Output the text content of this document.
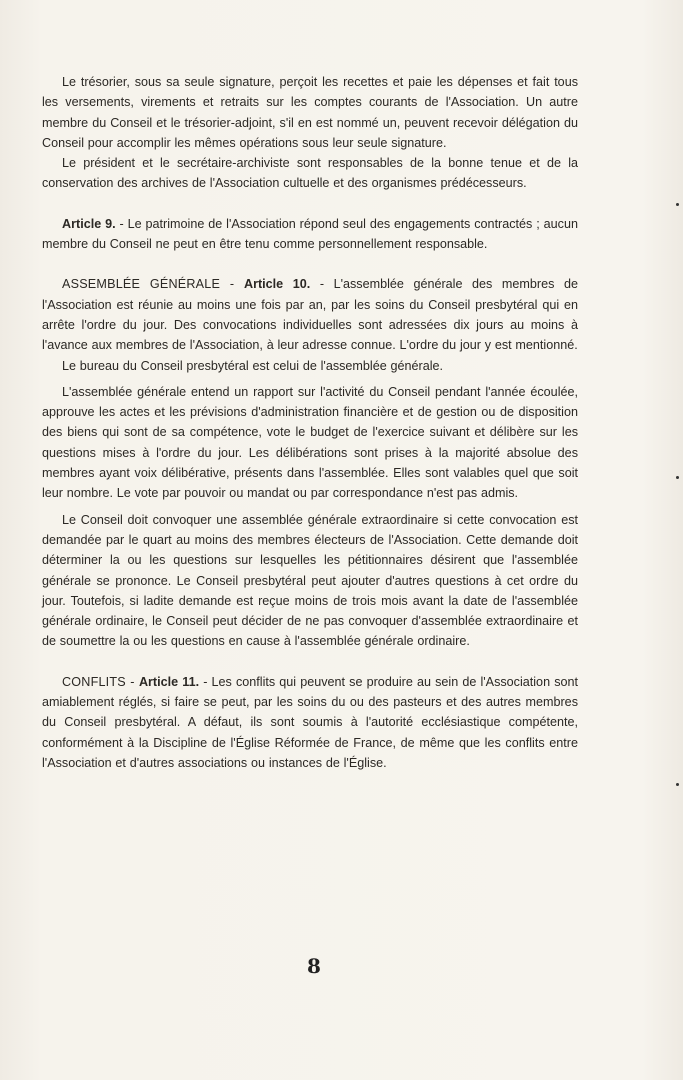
Le trésorier, sous sa seule signature, perçoit les recettes et paie les dépenses et fait tous les versements, virements et retraits sur les comptes courants de l'Association. Un autre membre du Conseil et le trésorier-adjoint, s'il en est nommé un, peuvent recevoir délégation du Conseil pour accomplir les mêmes opérations sous leur seule signature.

Le président et le secrétaire-archiviste sont responsables de la bonne tenue et de la conservation des archives de l'Association cultuelle et des organismes prédécesseurs.

Article 9. - Le patrimoine de l'Association répond seul des engagements contractés ; aucun membre du Conseil ne peut en être tenu comme personnellement responsable.

ASSEMBLÉE GÉNÉRALE - Article 10. - L'assemblée générale des membres de l'Association est réunie au moins une fois par an, par les soins du Conseil presbytéral qui en arrête l'ordre du jour. Des convocations individuelles sont adressées dix jours au moins à l'avance aux membres de l'Association, à leur adresse connue. L'ordre du jour y est mentionné.

Le bureau du Conseil presbytéral est celui de l'assemblée générale.

L'assemblée générale entend un rapport sur l'activité du Conseil pendant l'année écoulée, approuve les actes et les prévisions d'administration financière et de gestion ou de disposition des biens qui sont de sa compétence, vote le budget de l'exercice suivant et délibère sur les questions mises à l'ordre du jour. Les délibérations sont prises à la majorité absolue des membres ayant voix délibérative, présents dans l'assemblée. Elles sont valables quel que soit leur nombre. Le vote par pouvoir ou mandat ou par correspondance n'est pas admis.

Le Conseil doit convoquer une assemblée générale extraordinaire si cette convocation est demandée par le quart au moins des membres électeurs de l'Association. Cette demande doit déterminer la ou les questions sur lesquelles les pétitionnaires désirent que l'assemblée générale se prononce. Le Conseil presbytéral peut ajouter d'autres questions à cet ordre du jour. Toutefois, si ladite demande est reçue moins de trois mois avant la date de l'assemblée générale ordinaire, le Conseil peut décider de ne pas convoquer d'assemblée extraordinaire et de soumettre la ou les questions en cause à l'assemblée générale ordinaire.

CONFLITS - Article 11. - Les conflits qui peuvent se produire au sein de l'Association sont amiablement réglés, si faire se peut, par les soins du ou des pasteurs et des autres membres du Conseil presbytéral. A défaut, ils sont soumis à l'autorité ecclésiastique compétente, conformément à la Discipline de l'Église Réformée de France, de même que les conflits entre l'Association et d'autres associations ou instances de l'Église.

8
